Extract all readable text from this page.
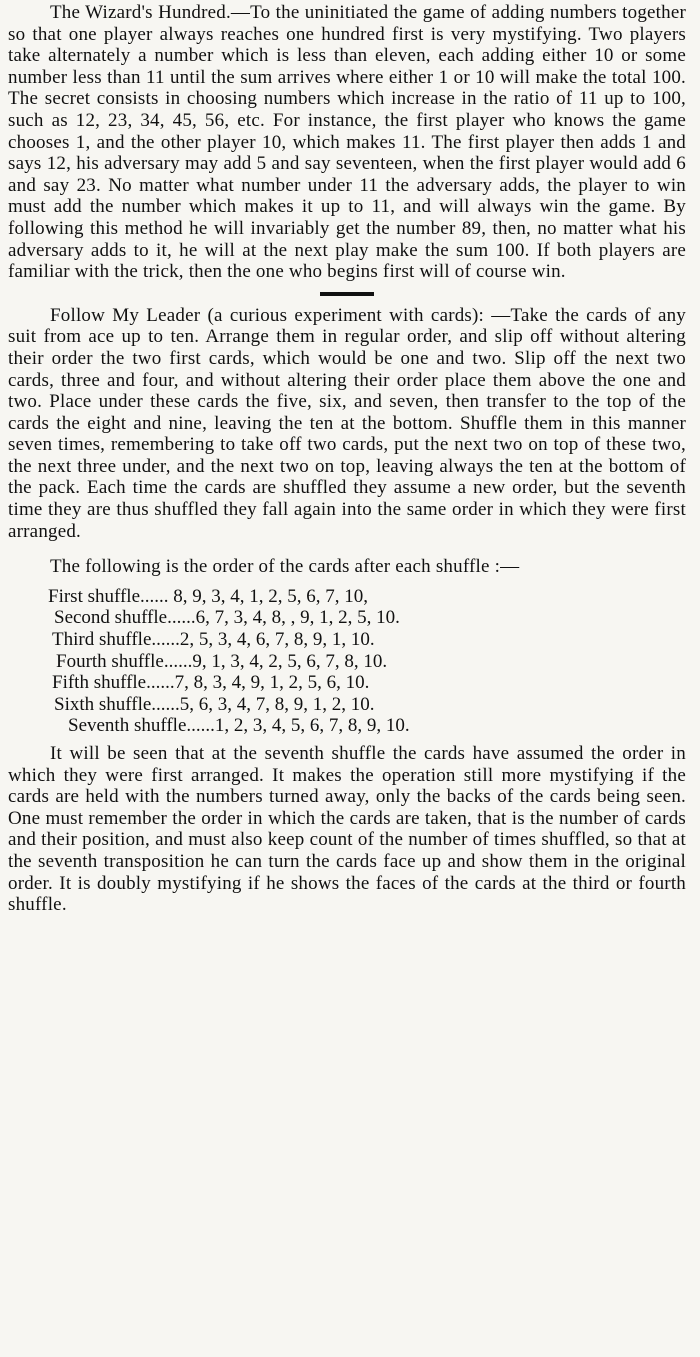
The Wizard's Hundred.—To the uninitiated the game of adding numbers together so that one player always reaches one hundred first is very mystifying. Two players take alternately a number which is less than eleven, each adding either 10 or some number less than 11 until the sum arrives where either 1 or 10 will make the total 100. The secret consists in choosing numbers which increase in the ratio of 11 up to 100, such as 12, 23, 34, 45, 56, etc. For instance, the first player who knows the game chooses 1, and the other player 10, which makes 11. The first player then adds 1 and says 12, his adversary may add 5 and say seventeen, when the first player would add 6 and say 23. No matter what number under 11 the adversary adds, the player to win must add the number which makes it up to 11, and will always win the game. By following this method he will invariably get the number 89, then, no matter what his adversary adds to it, he will at the next play make the sum 100. If both players are familiar with the trick, then the one who begins first will of course win.

Follow My Leader (a curious experiment with cards): —Take the cards of any suit from ace up to ten. Arrange them in regular order, and slip off without altering their order the two first cards, which would be one and two. Slip off the next two cards, three and four, and without altering their order place them above the one and two. Place under these cards the five, six, and seven, then transfer to the top of the cards the eight and nine, leaving the ten at the bottom. Shuffle them in this manner seven times, remembering to take off two cards, put the next two on top of these two, the next three under, and the next two on top, leaving always the ten at the bottom of the pack. Each time the cards are shuffled they assume a new order, but the seventh time they are thus shuffled they fall again into the same order in which they were first arranged.

The following is the order of the cards after each shuffle :—

First shuffle...... 8, 9, 3, 4, 1, 2, 5, 6, 7, 10,
Second shuffle......6, 7, 3, 4, 8, , 9, 1, 2, 5, 10.
Third shuffle......2, 5, 3, 4, 6, 7, 8, 9, 1, 10.
Fourth shuffle......9, 1, 3, 4, 2, 5, 6, 7, 8, 10.
Fifth shuffle......7, 8, 3, 4, 9, 1, 2, 5, 6, 10.
Sixth shuffle......5, 6, 3, 4, 7, 8, 9, 1, 2, 10.
Seventh shuffle......1, 2, 3, 4, 5, 6, 7, 8, 9, 10.

It will be seen that at the seventh shuffle the cards have assumed the order in which they were first arranged. It makes the operation still more mystifying if the cards are held with the numbers turned away, only the backs of the cards being seen. One must remember the order in which the cards are taken, that is the number of cards and their position, and must also keep count of the number of times shuffled, so that at the seventh transposition he can turn the cards face up and show them in the original order. It is doubly mystifying if he shows the faces of the cards at the third or fourth shuffle.
